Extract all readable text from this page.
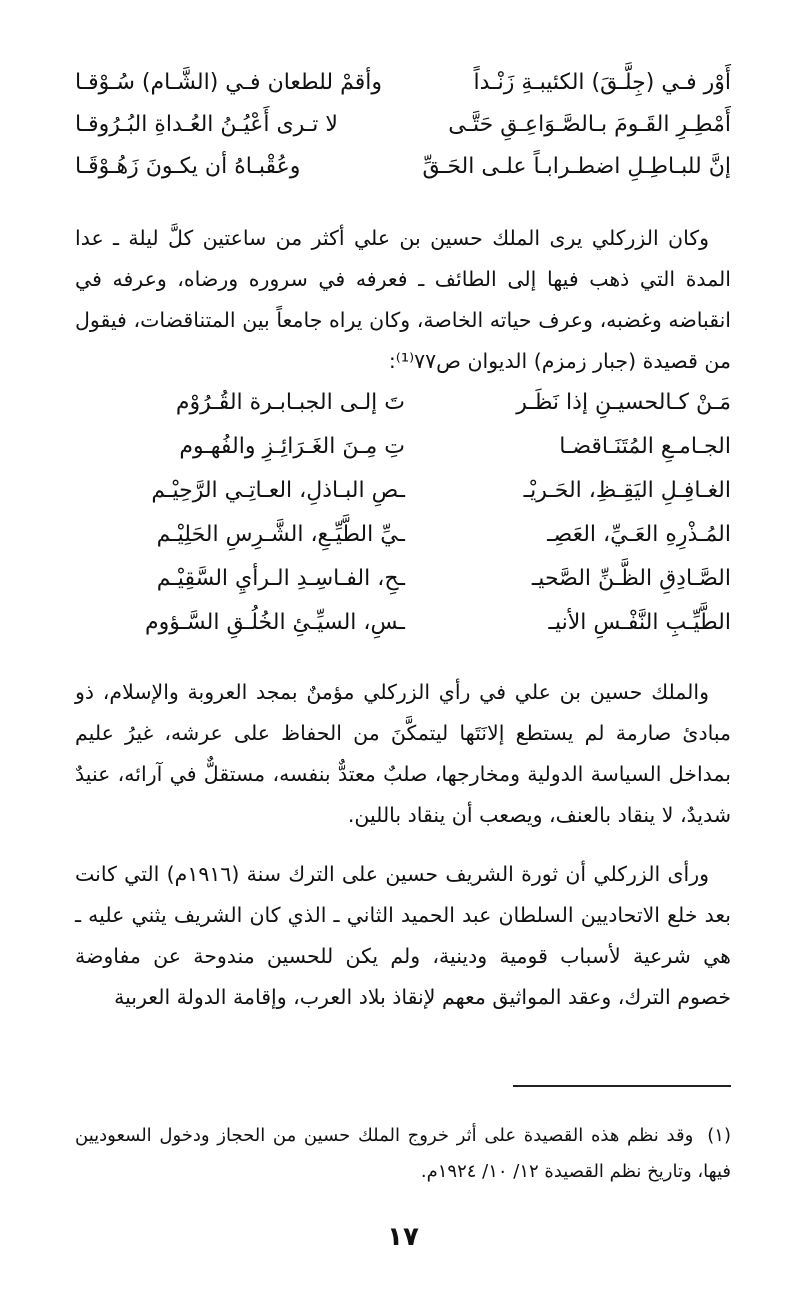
أَوْر فـي (جِلَّـقَ) الكئيبـةِ زَنْـداً
وأقمْ للطعان فـي (الشَّـام) سُـوْقـا
أَمْطِـرِ القَـومَ بـالصَّـوَاعِـقِ حَتَّـى
لا تـرى أَعْيُـنُ العُـداةِ البُـرُوقـا
إنَّ للبـاطِـلِ اضطـرابـاً علـى الحَـقِّ
وعُقْبـاهُ أن يكـونَ زَهُـوْقَـا

وكان الزركلي يرى الملك حسين بن علي أكثر من ساعتين كلَّ ليلة ـ عدا المدة التي ذهب فيها إلى الطائف ـ فعرفه في سروره ورضاه، وعرفه في انقباضه وغضبه، وعرف حياته الخاصة، وكان يراه جامعاً بين المتناقضات، فيقول من قصيدة (جبار زمزم) الديوان ص٧٧⁽¹⁾:

مَـنْ كـالحسيـنِ إذا نَظَـر
تَ إلـى الجبـابـرة القُـرُوْم
الجـامـعِ المُتَنَـاقضـا
تِ مِـنَ الغَـرَائِـزِ والفُهـوم
الغـافِـلِ اليَقِـظِ، الحَـريْـ
ـصِ البـاذلِ، العـاتِـي الرَّحِيْـم
المُـذْرِهِ العَـيِّ، العَصِـ
ـيِّ الطَّيِّـعِ، الشَّـرِسِ الحَلِيْـم
الصَّـادِقِ الظَّـنِّ الصَّحيـ
ـحِ، الفـاسِـدِ الـرأيِ السَّقِيْـم
الطَّيِّـبِ النَّفْـسِ الأنيـ
ـسِ، السيِّـئِ الخُلُـقِ السَّـؤوم

والملك حسين بن علي في رأي الزركلي مؤمنٌ بمجد العروبة والإسلام، ذو مبادئ صارمة لم يستطع إلانَتَها ليتمكَّنَ من الحفاظ على عرشه، غيرُ عليم بمداخل السياسة الدولية ومخارجها، صلبٌ معتدٌّ بنفسه، مستقلٌّ في آرائه، عنيدٌ شديدٌ، لا ينقاد بالعنف، ويصعب أن ينقاد باللين.

ورأى الزركلي أن ثورة الشريف حسين على الترك سنة (١٩١٦م) التي كانت بعد خلع الاتحاديين السلطان عبد الحميد الثاني ـ الذي كان الشريف يثني عليه ـ هي شرعية لأسباب قومية ودينية، ولم يكن للحسين مندوحة عن مفاوضة خصوم الترك، وعقد المواثيق معهم لإنقاذ بلاد العرب، وإقامة الدولة العربية

(١)وقد نظم هذه القصيدة على أثر خروج الملك حسين من الحجاز ودخول السعوديين فيها، وتاريخ نظم القصيدة ١٢/ ١٠/ ١٩٢٤م.
١٧
